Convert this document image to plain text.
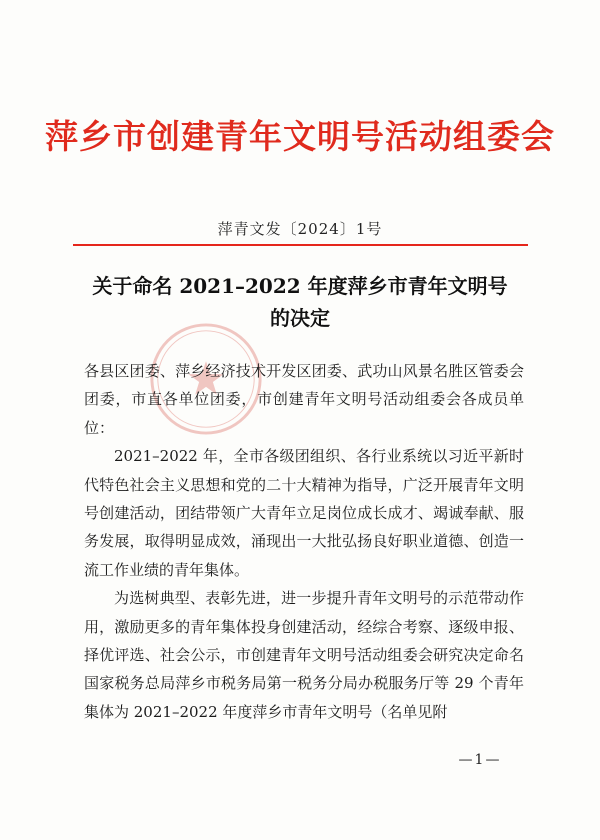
萍乡市创建青年文明号活动组委会
萍青文发〔2024〕1号
关于命名 2021–2022 年度萍乡市青年文明号
的决定

各县区团委、萍乡经济技术开发区团委、武功山风景名胜区管委会团委，市直各单位团委，市创建青年文明号活动组委会各成员单位：

2021–2022 年，全市各级团组织、各行业系统以习近平新时代特色社会主义思想和党的二十大精神为指导，广泛开展青年文明号创建活动，团结带领广大青年立足岗位成长成才、竭诚奉献、服务发展，取得明显成效，涌现出一大批弘扬良好职业道德、创造一流工作业绩的青年集体。

为选树典型、表彰先进，进一步提升青年文明号的示范带动作用，激励更多的青年集体投身创建活动，经综合考察、逐级申报、择优评选、社会公示，市创建青年文明号活动组委会研究决定命名国家税务总局萍乡市税务局第一税务分局办税服务厅等 29 个青年集体为 2021–2022 年度萍乡市青年文明号（名单见附

—1—
